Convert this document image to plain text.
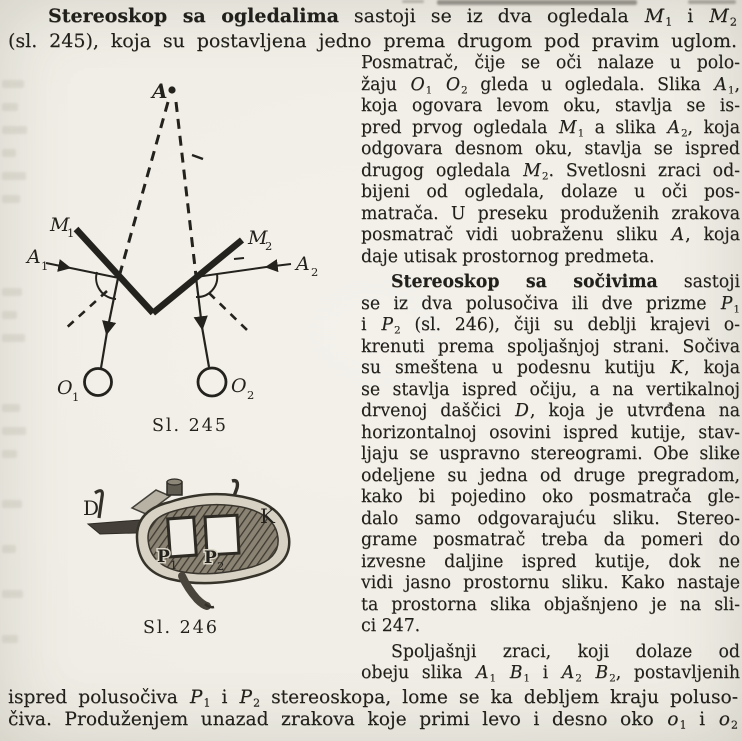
Stereoskop sa ogledalima sastoji se iz dva ogledala $M_1$ i $M_2$
(sl. 245), koja su postavljena jedno prema drugom pod pravim uglom.
Posmatrač, čije se oči nalaze u polo-
žaju $O_1$ $O_2$ gleda u ogledala. Slika $A_1$,
koja ogovara levom oku, stavlja se is-
pred prvog ogledala $M_1$ a slika $A_2$, koja
odgovara desnom oku, stavlja se ispred
drugog ogledala $M_2$. Svetlosni zraci od-
bijeni od ogledala, dolaze u oči pos-
matrača. U preseku produženih zrakova
posmatrač vidi uobraženu sliku A, koja
daje utisak prostornog predmeta.
Stereoskop sa sočivima sastoji
se iz dva polusočiva ili dve prizme $P_1$
i $P_2$ (sl. 246), čiji su deblji krajevi o-
krenuti prema spoljašnjoj strani. Sočiva
su smeštena u podesnu kutiju K, koja
se stavlja ispred očiju, a na vertikalnoj
drvenoj daščici D, koja je utvrđena na
horizontalnoj osovini ispred kutije, stav-
ljaju se uspravno stereogrami. Obe slike
odeljene su jedna od druge pregradom,
kako bi pojedino oko posmatrača gle-
dalo samo odgovarajuću sliku. Stereo-
grame posmatrač treba da pomeri do
izvesne daljine ispred kutije, dok ne
vidi jasno prostornu sliku. Kako nastaje
ta prostorna slika objašnjeno je na sli-
ci 247.
Spoljašnji zraci, koji dolaze od
obeju slika $A_1$ $B_1$ i $A_2$ $B_2$, postavljenih
ispred polusočiva $P_1$ i $P_2$ stereoskopa, lome se ka debljem kraju poluso-
čiva. Produženjem unazad zrakova koje primi levo i desno oko $o_1$ i $o_2$
A
M
1	M
2
A 1	A 2
O 1	O 2
Sl. 245
D	K
P 1 P 2
Sl. 246
